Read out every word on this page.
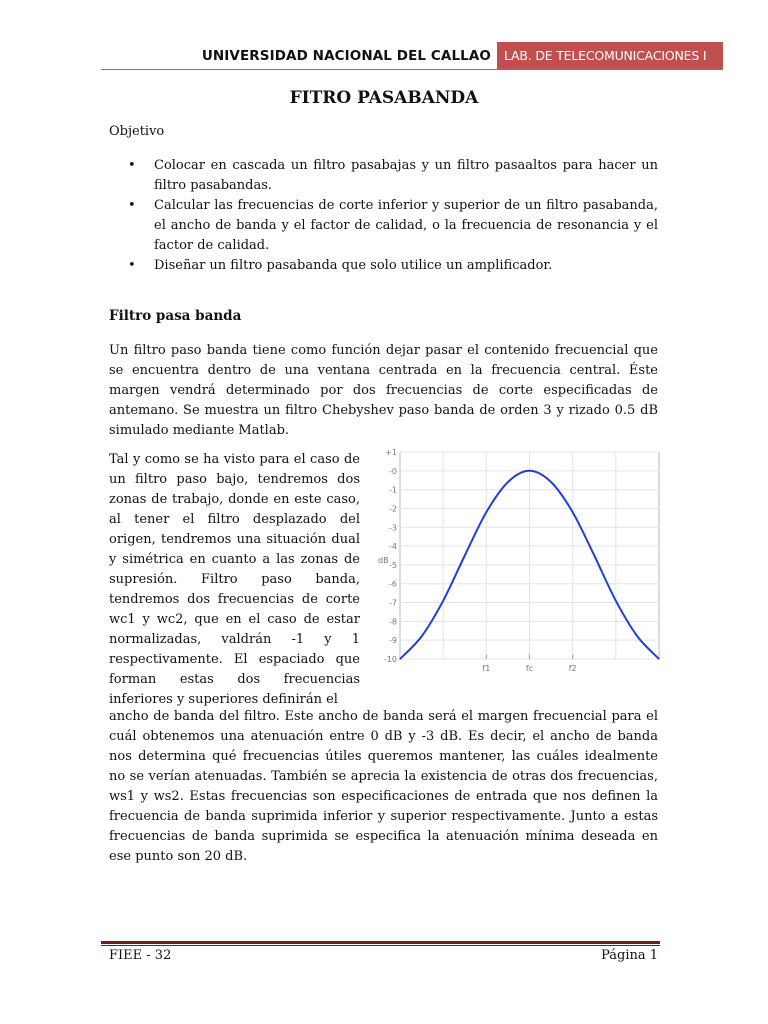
UNIVERSIDAD NACIONAL DEL CALLAO	LAB. DE TELECOMUNICACIONES I
FITRO PASABANDA
Objetivo
• Colocar en cascada un filtro pasabajas y un filtro pasaaltos para hacer un filtro pasabandas.
• Calcular las frecuencias de corte inferior y superior de un filtro pasabanda, el ancho de banda y el factor de calidad, o la frecuencia de resonancia y el factor de calidad.
• Diseñar un filtro pasabanda que solo utilice un amplificador.
Filtro pasa banda

Un filtro paso banda tiene como función dejar pasar el contenido frecuencial que se encuentra dentro de una ventana centrada en la frecuencia central. Éste margen vendrá determinado por dos frecuencias de corte especificadas de antemano. Se muestra un filtro Chebyshev paso banda de orden 3 y rizado 0.5 dB simulado mediante Matlab.

Tal y como se ha visto para el caso de un filtro paso bajo, tendremos dos zonas de trabajo, donde en este caso, al tener el filtro desplazado del origen, tendremos una situación dual y simétrica en cuanto a las zonas de supresión. Filtro paso banda, tendremos dos frecuencias de corte wc1 y wc2, que en el caso de estar normalizadas, valdrán -1 y 1 respectivamente. El espaciado que forman estas dos frecuencias inferiores y superiores definirán el

+1
-0
-1
-2
-3
-4
-5
-6
-7
-8
-9
-10
dB
f1	fc	f2

ancho de banda del filtro. Este ancho de banda será el margen frecuencial para el cuál obtenemos una atenuación entre 0 dB y -3 dB. Es decir, el ancho de banda nos determina qué frecuencias útiles queremos mantener, las cuáles idealmente no se verían atenuadas. También se aprecia la existencia de otras dos frecuencias, ws1 y ws2. Estas frecuencias son especificaciones de entrada que nos definen la frecuencia de banda suprimida inferior y superior respectivamente. Junto a estas frecuencias de banda suprimida se especifica la atenuación mínima deseada en ese punto son 20 dB.

FIEE - 32	Página 1
